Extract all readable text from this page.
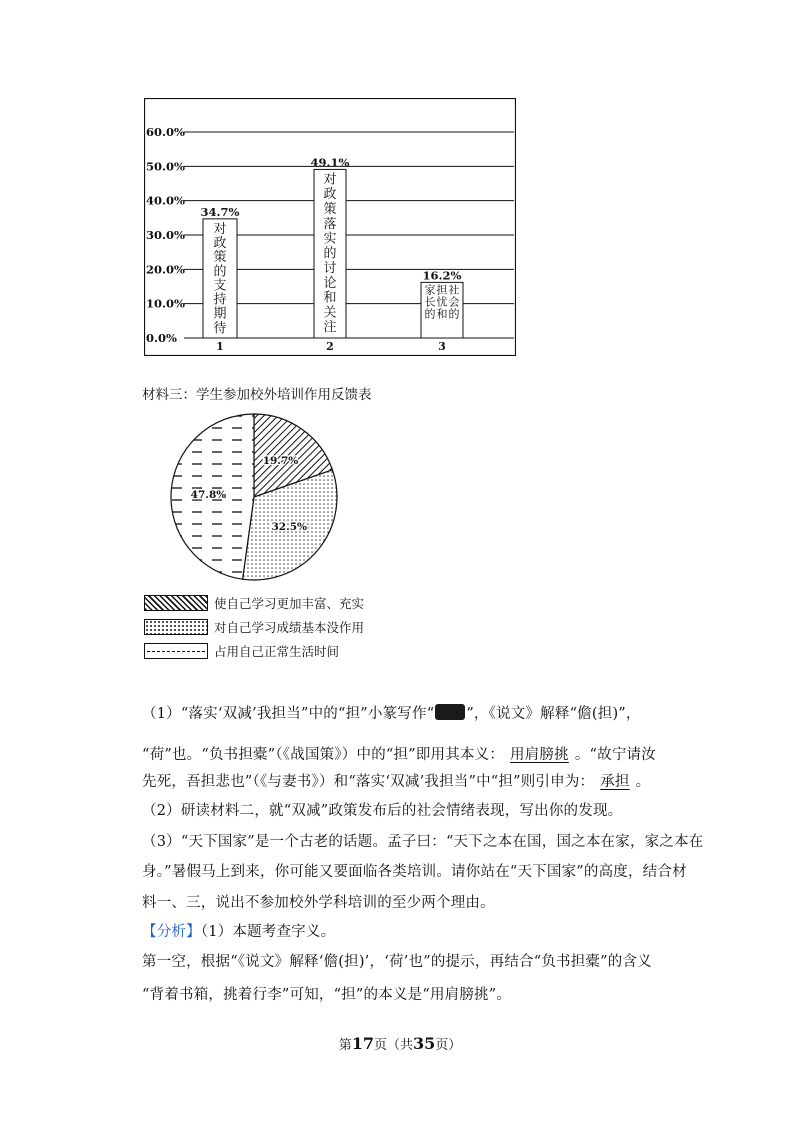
0.0%
10.0%
20.0%
30.0%
40.0%
50.0%
60.0%
34.7%
1
对
政
策
的
支
持
期
待
49.1%
2
对
政
策
落
实
的
讨
论
和
关
注
16.2%
3
社
会
的
担
忧
和
家
长
的
材料三：学生参加校外培训作用反馈表
19.7%
32.5%
47.8%
使自己学习更加丰富、充实
对自己学习成绩基本没作用
占用自己正常生活时间
（1）“落实‘双减’我担当”中的“担”小篆写作“ ”，《说文》解释“儋(担)”，
“荷”也。“负书担橐”（《战国策》）中的“担”即用其本义： 用肩膀挑 。“故宁请汝
先死，吾担悲也”（《与妻书》）和“落实‘双减’我担当”中“担”则引申为： 承担 。
（2）研读材料二，就“双减”政策发布后的社会情绪表现，写出你的发现。
（3）“天下国家”是一个古老的话题。孟子曰：“天下之本在国，国之本在家，家之本在
身。”暑假马上到来，你可能又要面临各类培训。请你站在“天下国家”的高度，结合材
料一、三，说出不参加校外学科培训的至少两个理由。
【分析】（1）本题考查字义。
第一空，根据“《说文》解释‘儋(担)’，‘荷’也”的提示，再结合“负书担橐”的含义
“背着书箱，挑着行李”可知，“担”的本义是“用肩膀挑”。
第17页（共35页）
